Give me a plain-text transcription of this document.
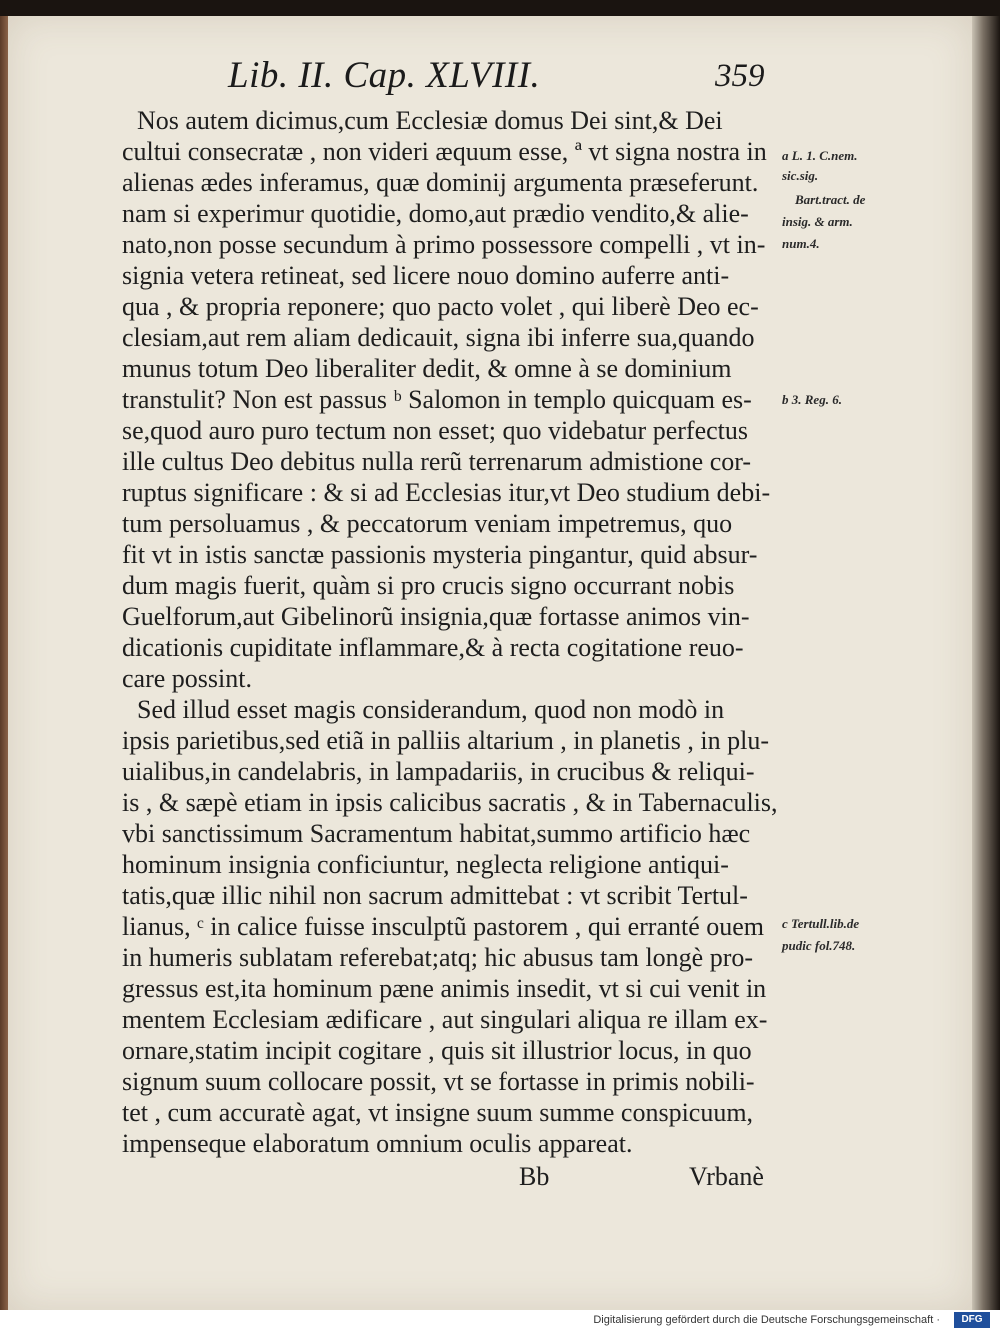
Lib. II. Cap. XLVIII.	359
Nos autem dicimus,cum Ecclesiæ domus Dei sint,& Dei
cultui consecratæ , non videri æquum esse, ª vt signa nostra in
alienas ædes inferamus, quæ dominij argumenta præseferunt.
nam si experimur quotidie, domo,aut prædio vendito,& alie-
nato,non posse secundum à primo possessore compelli , vt in-
signia vetera retineat, sed licere nouo domino auferre anti-
qua , & propria reponere; quo pacto volet , qui liberè Deo ec-
clesiam,aut rem aliam dedicauit, signa ibi inferre sua,quando
munus totum Deo liberaliter dedit, & omne à se dominium
transtulit? Non est passus ᵇ Salomon in templo quicquam es-
se,quod auro puro tectum non esset; quo videbatur perfectus
ille cultus Deo debitus nulla rerũ terrenarum admistione cor-
ruptus significare : & si ad Ecclesias itur,vt Deo studium debi-
tum persoluamus , & peccatorum veniam impetremus, quo
fit vt in istis sanctæ passionis mysteria pingantur, quid absur-
dum magis fuerit, quàm si pro crucis signo occurrant nobis
Guelforum,aut Gibelinorũ insignia,quæ fortasse animos vin-
dicationis cupiditate inflammare,& à recta cogitatione reuo-
care possint.
Sed illud esset magis considerandum, quod non modò in
ipsis parietibus,sed etiã in palliis altarium , in planetis , in plu-
uialibus,in candelabris, in lampadariis, in crucibus & reliqui-
is , & sæpè etiam in ipsis calicibus sacratis , & in Tabernaculis,
vbi sanctissimum Sacramentum habitat,summo artificio hæc
hominum insignia conficiuntur, neglecta religione antiqui-
tatis,quæ illic nihil non sacrum admittebat : vt scribit Tertul-
lianus, ᶜ in calice fuisse insculptũ pastorem , qui erranté ouem
in humeris sublatam referebat;atq; hic abusus tam longè pro-
gressus est,ita hominum pæne animis insedit, vt si cui venit in
mentem Ecclesiam ædificare , aut singulari aliqua re illam ex-
ornare,statim incipit cogitare , quis sit illustrior locus, in quo
signum suum collocare possit, vt se fortasse in primis nobili-
tet , cum accuratè agat, vt insigne suum summe conspicuum,
impenseque elaboratum omnium oculis appareat.
a L. 1. C.nem.
sic.sig.
Bart.tract. de
insig. & arm.
num.4.
b 3. Reg. 6.
c Tertull.lib.de
pudic fol.748.
Bb	Vrbanè
Digitalisierung gefördert durch die Deutsche Forschungsgemeinschaft ·	DFG
